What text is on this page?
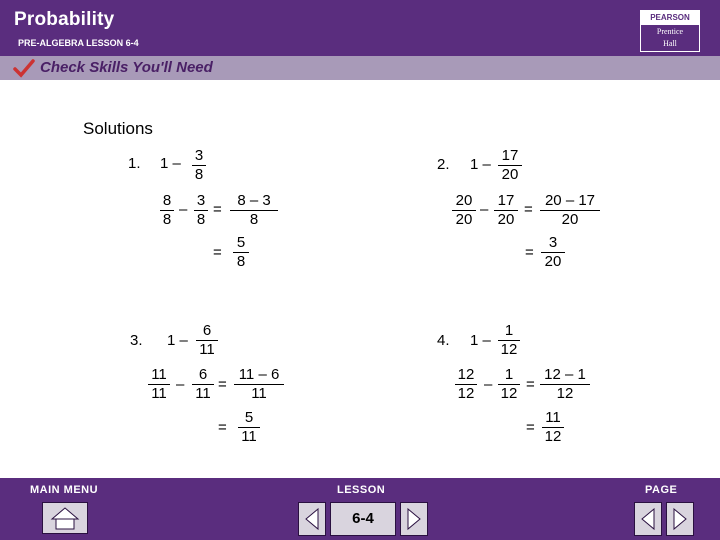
Probability
PRE-ALGEBRA LESSON 6-4
PEARSON
Prentice
Hall
Check Skills You'll Need
Solutions
1. 1 – 3
8
8
8
–
3
8
=
8 – 3
8
=
5
8
2. 1 –
17
20
20
20
–
17
20
=
20 – 17
20
=
3
20
3. 1 –
6
11
11
11
–
6
11
=
11 – 6
11
=
5
11
4. 1 –
1
12
12
12
–
1
12
=
12 – 1
12
=
11
12
MAIN MENU	LESSON	PAGE
6-4
